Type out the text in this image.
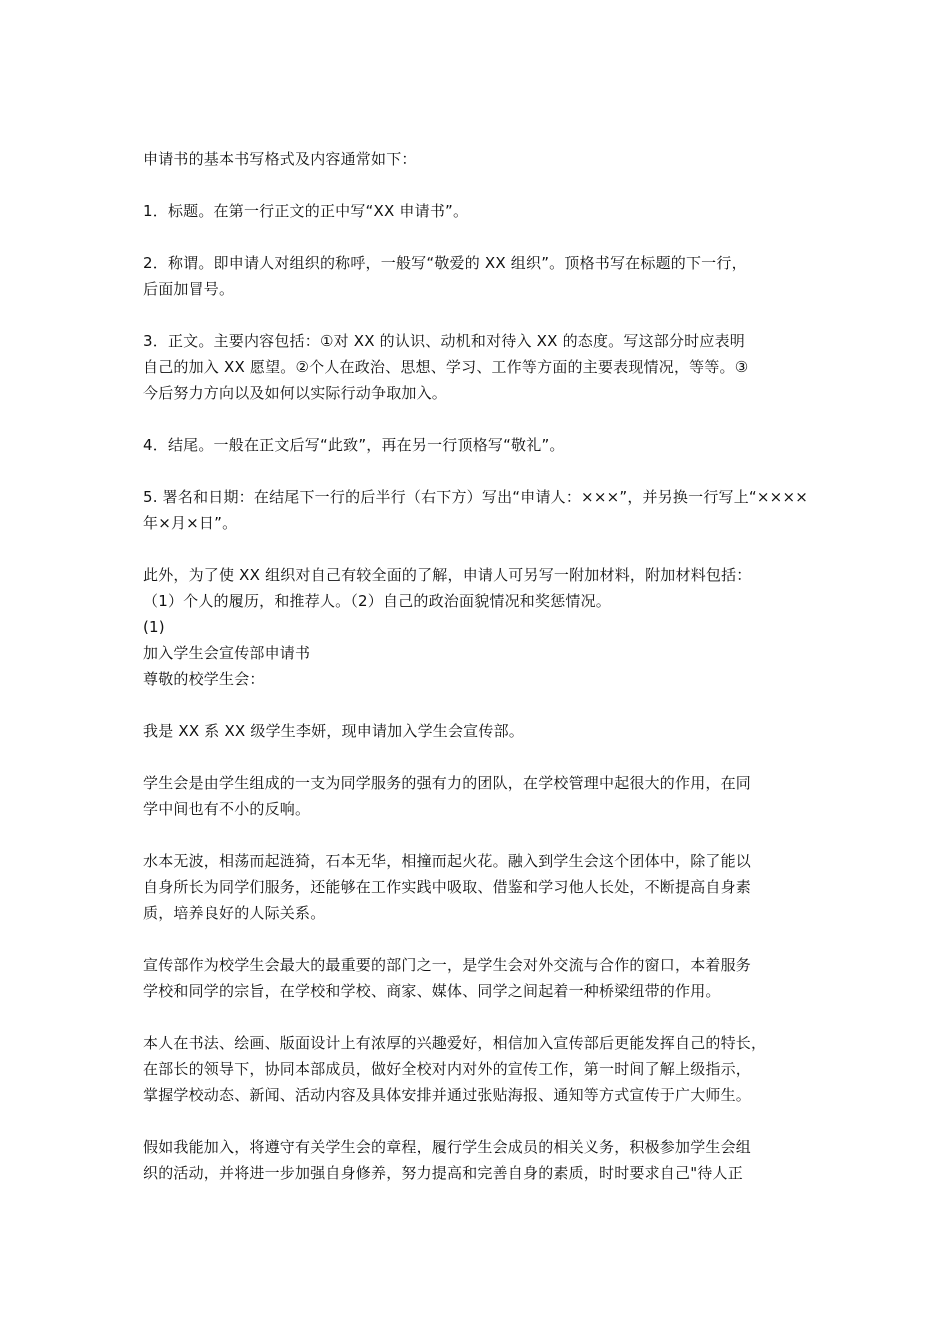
申请书的基本书写格式及内容通常如下：

1．标题。在第一行正文的正中写“XX 申请书”。

2．称谓。即申请人对组织的称呼，一般写“敬爱的 XX 组织”。顶格书写在标题的下一行，
后面加冒号。

3．正文。主要内容包括：①对 XX 的认识、动机和对待入 XX 的态度。写这部分时应表明
自己的加入 XX 愿望。②个人在政治、思想、学习、工作等方面的主要表现情况，等等。③
今后努力方向以及如何以实际行动争取加入。

4．结尾。一般在正文后写“此致”，再在另一行顶格写“敬礼”。

5. 署名和日期：在结尾下一行的后半行（右下方）写出“申请人：×××”，并另换一行写上“××××
年×月×日”。

此外，为了使 XX 组织对自己有较全面的了解，申请人可另写一附加材料，附加材料包括：
（1）个人的履历，和推荐人。（2）自己的政治面貌情况和奖惩情况。

(1)

加入学生会宣传部申请书

尊敬的校学生会：

我是 XX 系 XX 级学生李妍，现申请加入学生会宣传部。

学生会是由学生组成的一支为同学服务的强有力的团队，在学校管理中起很大的作用，在同
学中间也有不小的反响。

水本无波，相荡而起涟猗，石本无华，相撞而起火花。融入到学生会这个团体中，除了能以
自身所长为同学们服务，还能够在工作实践中吸取、借鉴和学习他人长处，不断提高自身素
质，培养良好的人际关系。

宣传部作为校学生会最大的最重要的部门之一，是学生会对外交流与合作的窗口，本着服务
学校和同学的宗旨，在学校和学校、商家、媒体、同学之间起着一种桥梁纽带的作用。

本人在书法、绘画、版面设计上有浓厚的兴趣爱好，相信加入宣传部后更能发挥自己的特长，
在部长的领导下，协同本部成员，做好全校对内对外的宣传工作，第一时间了解上级指示，
掌握学校动态、新闻、活动内容及具体安排并通过张贴海报、通知等方式宣传于广大师生。

假如我能加入，将遵守有关学生会的章程，履行学生会成员的相关义务，积极参加学生会组
织的活动，并将进一步加强自身修养，努力提高和完善自身的素质，时时要求自己"待人正
